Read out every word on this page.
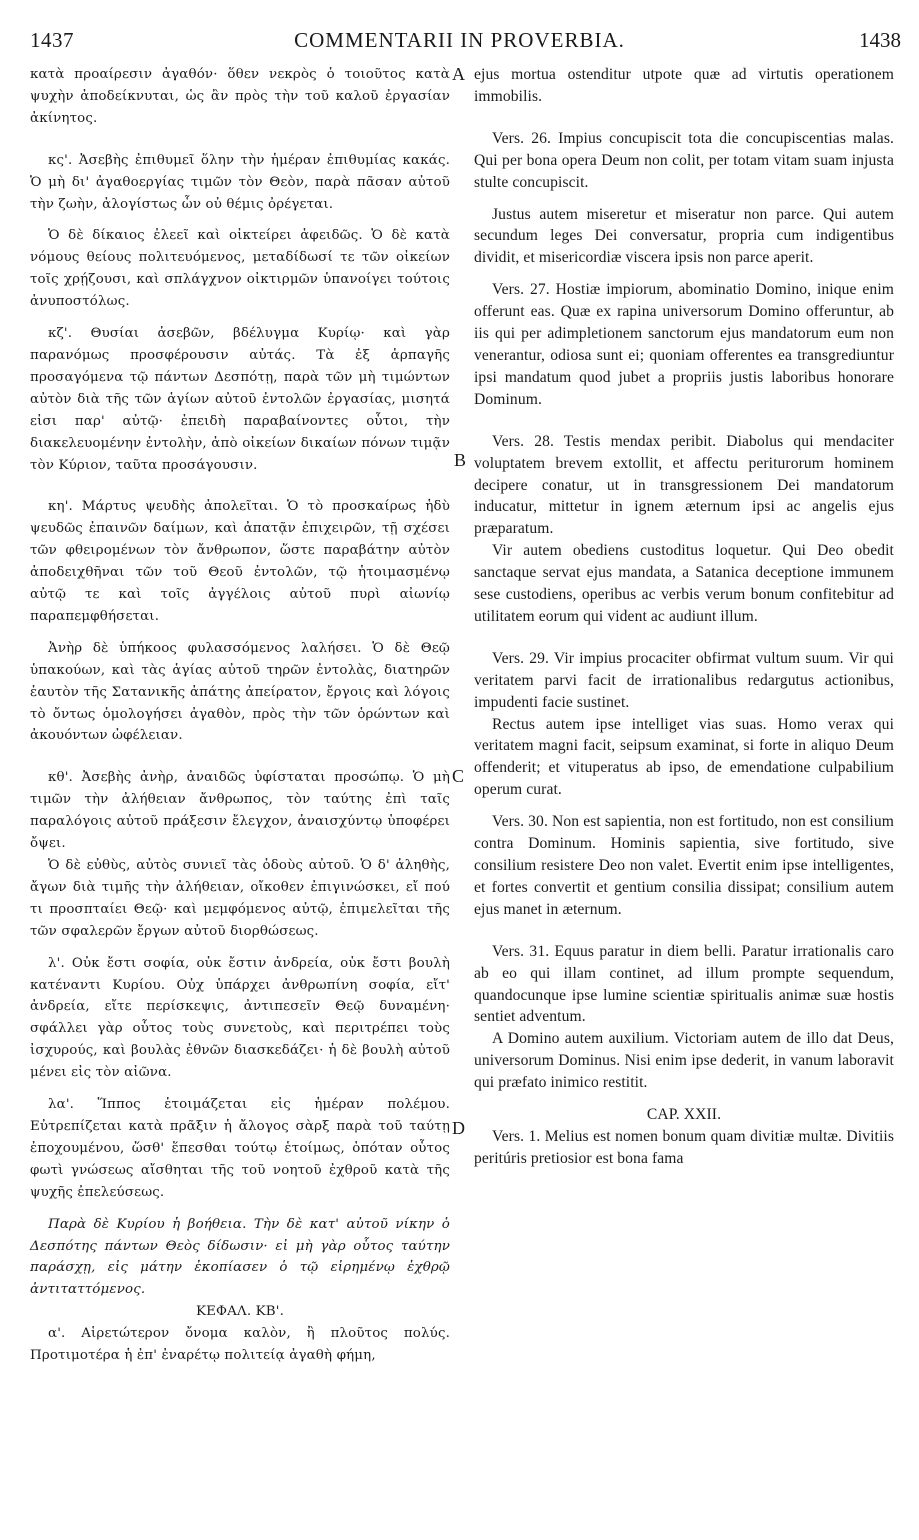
1437	COMMENTARII IN PROVERBIA.	1438

κατὰ προαίρεσιν ἀγαθόν· ὅθεν νεκρὸς ὁ τοιοῦτος κατὰ ψυχὴν ἀποδείκνυται, ὡς ἂν πρὸς τὴν τοῦ καλοῦ ἐργασίαν ἀκίνητος.

κς'. Ἀσεβὴς ἐπιθυμεῖ ὅλην τὴν ἡμέραν ἐπιθυμίας κακάς. Ὁ μὴ δι' ἀγαθοεργίας τιμῶν τὸν Θεὸν, παρὰ πᾶσαν αὐτοῦ τὴν ζωὴν, ἀλογίστως ὧν οὐ θέμις ὀρέγεται.

Ὁ δὲ δίκαιος ἐλεεῖ καὶ οἰκτείρει ἀφειδῶς. Ὁ δὲ κατὰ νόμους θείους πολιτευόμενος, μεταδίδωσί τε τῶν οἰκείων τοῖς χρῄζουσι, καὶ σπλάγχνον οἰκτιρμῶν ὑπανοίγει τούτοις ἀνυποστόλως.

κζ'. Θυσίαι ἀσεβῶν, βδέλυγμα Κυρίῳ· καὶ γὰρ παρανόμως προσφέρουσιν αὐτάς. Τὰ ἐξ ἁρπαγῆς προσαγόμενα τῷ πάντων Δεσπότῃ, παρὰ τῶν μὴ τιμώντων αὐτὸν διὰ τῆς τῶν ἁγίων αὐτοῦ ἐντολῶν ἐργασίας, μισητά εἰσι παρ' αὐτῷ· ἐπειδὴ παραβαίνοντες οὗτοι, τὴν διακελευομένην ἐντολὴν, ἀπὸ οἰκείων δικαίων πόνων τιμᾷν τὸν Κύριον, ταῦτα προσάγουσιν.

κη'. Μάρτυς ψευδὴς ἀπολεῖται. Ὁ τὸ προσκαίρως ἡδὺ ψευδῶς ἐπαινῶν δαίμων, καὶ ἀπατᾷν ἐπιχειρῶν, τῇ σχέσει τῶν φθειρομένων τὸν ἄνθρωπον, ὥστε παραβάτην αὐτὸν ἀποδειχθῆναι τῶν τοῦ Θεοῦ ἐντολῶν, τῷ ἡτοιμασμένῳ αὐτῷ τε καὶ τοῖς ἀγγέλοις αὐτοῦ πυρὶ αἰωνίῳ παραπεμφθήσεται.

Ἀνὴρ δὲ ὑπήκοος φυλασσόμενος λαλήσει. Ὁ δὲ Θεῷ ὑπακούων, καὶ τὰς ἁγίας αὐτοῦ τηρῶν ἐντολὰς, διατηρῶν ἑαυτὸν τῆς Σατανικῆς ἀπάτης ἀπείρατον, ἔργοις καὶ λόγοις τὸ ὄντως ὁμολογήσει ἀγαθὸν, πρὸς τὴν τῶν ὁρώντων καὶ ἀκουόντων ὠφέλειαν.

κθ'. Ἀσεβὴς ἀνὴρ, ἀναιδῶς ὑφίσταται προσώπῳ. Ὁ μὴ τιμῶν τὴν ἀλήθειαν ἄνθρωπος, τὸν ταύτης ἐπὶ ταῖς παραλόγοις αὐτοῦ πράξεσιν ἔλεγχον, ἀναισχύντῳ ὑποφέρει ὄψει.

Ὁ δὲ εὐθὺς, αὐτὸς συνιεῖ τὰς ὁδοὺς αὐτοῦ. Ὁ δ' ἀληθὴς, ἄγων διὰ τιμῆς τὴν ἀλήθειαν, οἴκοθεν ἐπιγινώσκει, εἴ πού τι προσπταίει Θεῷ· καὶ μεμφόμενος αὐτῷ, ἐπιμελεῖται τῆς τῶν σφαλερῶν ἔργων αὐτοῦ διορθώσεως.

λ'. Οὐκ ἔστι σοφία, οὐκ ἔστιν ἀνδρεία, οὐκ ἔστι βουλὴ κατέναντι Κυρίου. Οὐχ ὑπάρχει ἀνθρωπίνη σοφία, εἴτ' ἀνδρεία, εἴτε περίσκεψις, ἀντιπεσεῖν Θεῷ δυναμένη· σφάλλει γὰρ οὗτος τοὺς συνετοὺς, καὶ περιτρέπει τοὺς ἰσχυρούς, καὶ βουλὰς ἐθνῶν διασκεδάζει· ἡ δὲ βουλὴ αὐτοῦ μένει εἰς τὸν αἰῶνα.

λα'. Ἵππος ἑτοιμάζεται εἰς ἡμέραν πολέμου. Εὐτρεπίζεται κατὰ πρᾶξιν ἡ ἄλογος σὰρξ παρὰ τοῦ ταύτῃ ἐποχουμένου, ὥσθ' ἕπεσθαι τούτῳ ἑτοίμως, ὁπόταν οὗτος φωτὶ γνώσεως αἴσθηται τῆς τοῦ νοητοῦ ἐχθροῦ κατὰ τῆς ψυχῆς ἐπελεύσεως.

Παρὰ δὲ Κυρίου ἡ βοήθεια. Τὴν δὲ κατ' αὐτοῦ νίκην ὁ Δεσπότης πάντων Θεὸς δίδωσιν· εἰ μὴ γὰρ οὗτος ταύτην παράσχῃ, εἰς μάτην ἐκοπίασεν ὁ τῷ εἰρημένῳ ἐχθρῷ ἀντιταττόμενος.

ΚΕΦΑΛ. ΚΒ'.

α'. Αἱρετώτερον ὄνομα καλὸν, ἢ πλοῦτος πολύς. Προτιμοτέρα ἡ ἐπ' ἐναρέτῳ πολιτείᾳ ἀγαθὴ φήμη,

ejus mortua ostenditur utpote quæ ad virtutis operationem immobilis.

Vers. 26. Impius concupiscit tota die concupiscentias malas. Qui per bona opera Deum non colit, per totam vitam suam injusta stulte concupiscit.

Justus autem miseretur et miseratur non parce. Qui autem secundum leges Dei conversatur, propria cum indigentibus dividit, et misericordiæ viscera ipsis non parce aperit.

Vers. 27. Hostiæ impiorum, abominatio Domino, inique enim offerunt eas. Quæ ex rapina universorum Domino offeruntur, ab iis qui per adimpletionem sanctorum ejus mandatorum eum non venerantur, odiosa sunt ei; quoniam offerentes ea transgrediuntur ipsi mandatum quod jubet a propriis justis laboribus honorare Dominum.

Vers. 28. Testis mendax peribit. Diabolus qui mendaciter voluptatem brevem extollit, et affectu periturorum hominem decipere conatur, ut in transgressionem Dei mandatorum inducatur, mittetur in ignem æternum ipsi ac angelis ejus præparatum.

Vir autem obediens custoditus loquetur. Qui Deo obedit sanctaque servat ejus mandata, a Satanica deceptione immunem sese custodiens, operibus ac verbis verum bonum confitebitur ad utilitatem eorum qui vident ac audiunt illum.

Vers. 29. Vir impius procaciter obfirmat vultum suum. Vir qui veritatem parvi facit de irrationalibus redargutus actionibus, impudenti facie sustinet.

Rectus autem ipse intelliget vias suas. Homo verax qui veritatem magni facit, seipsum examinat, si forte in aliquo Deum offenderit; et vituperatus ab ipso, de emendatione culpabilium operum curat.

Vers. 30. Non est sapientia, non est fortitudo, non est consilium contra Dominum. Hominis sapientia, sive fortitudo, sive consilium resistere Deo non valet. Evertit enim ipse intelligentes, et fortes convertit et gentium consilia dissipat; consilium autem ejus manet in æternum.

Vers. 31. Equus paratur in diem belli. Paratur irrationalis caro ab eo qui illam continet, ad illum prompte sequendum, quandocunque ipse lumine scientiæ spiritualis animæ suæ hostis sentiet adventum.

A Domino autem auxilium. Victoriam autem de illo dat Deus, universorum Dominus. Nisi enim ipse dederit, in vanum laboravit qui præfato inimico restitit.

CAP. XXII.

Vers. 1. Melius est nomen bonum quam divitiæ multæ. Divitiis peritúris pretiosior est bona fama

A
B
C
D
